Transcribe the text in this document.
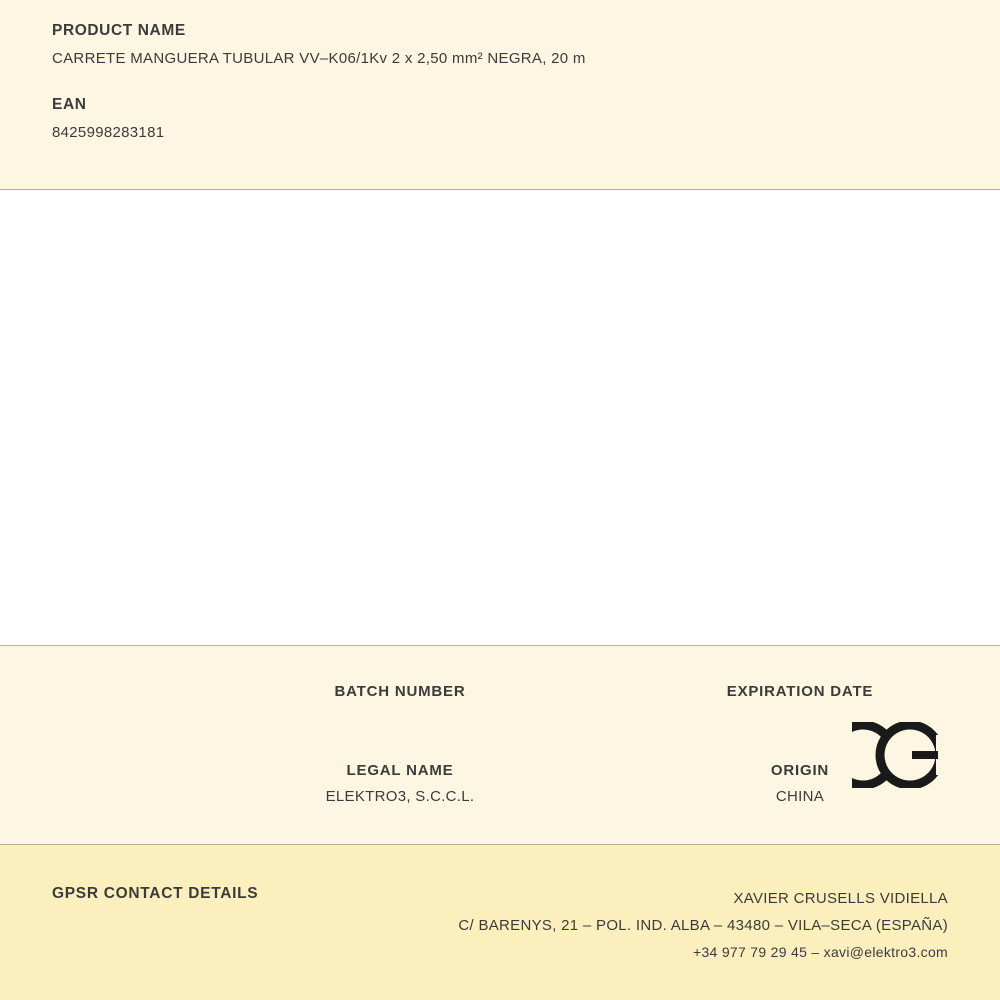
PRODUCT NAME
CARRETE MANGUERA TUBULAR VV–K06/1Kv 2 x 2,50 mm² NEGRA, 20 m
EAN
8425998283181
BATCH NUMBER	EXPIRATION DATE
LEGAL NAME
ELEKTRO3, S.C.C.L.
ORIGIN
CHINA
GPSR CONTACT DETAILS	XAVIER CRUSELLS VIDIELLA
C/ BARENYS, 21 – POL. IND. ALBA – 43480 – VILA–SECA (ESPAÑA)
+34 977 79 29 45 – xavi@elektro3.com
